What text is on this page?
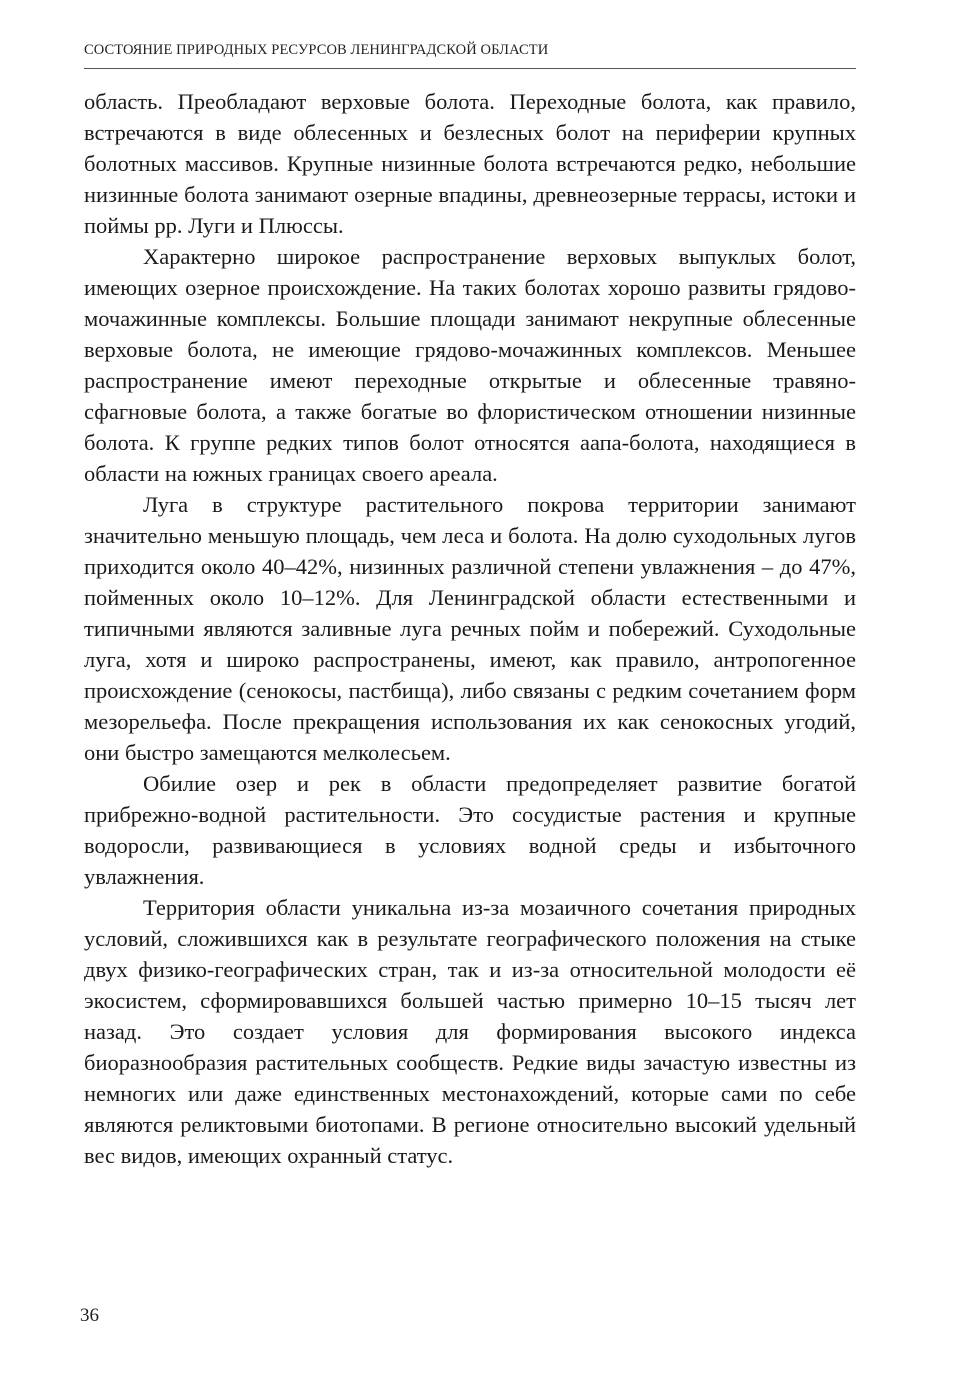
СОСТОЯНИЕ ПРИРОДНЫХ РЕСУРСОВ ЛЕНИНГРАДСКОЙ ОБЛАСТИ

область. Преобладают верховые болота. Переходные болота, как правило, встречаются в виде облесенных и безлесных болот на периферии крупных болотных массивов. Крупные низинные болота встречаются редко, небольшие низинные болота занимают озерные впадины, древнеозерные террасы, истоки и поймы рр. Луги и Плюссы.

Характерно широкое распространение верховых выпуклых болот, имеющих озерное происхождение. На таких болотах хорошо развиты грядово-мочажинные комплексы. Большие площади занимают некрупные облесенные верховые болота, не имеющие грядово-мочажинных комплексов. Меньшее распространение имеют переходные открытые и облесенные травяно-сфагновые болота, а также богатые во флористическом отношении низинные болота. К группе редких типов болот относятся аапа-болота, находящиеся в области на южных границах своего ареала.

Луга в структуре растительного покрова территории занимают значительно меньшую площадь, чем леса и болота. На долю суходольных лугов приходится около 40–42%, низинных различной степени увлажнения – до 47%, пойменных около 10–12%. Для Ленинградской области естественными и типичными являются заливные луга речных пойм и побережий. Суходольные луга, хотя и широко распространены, имеют, как правило, антропогенное происхождение (сенокосы, пастбища), либо связаны с редким сочетанием форм мезорельефа. После прекращения использования их как сенокосных угодий, они быстро замещаются мелколесьем.

Обилие озер и рек в области предопределяет развитие богатой прибрежно-водной растительности. Это сосудистые растения и крупные водоросли, развивающиеся в условиях водной среды и избыточного увлажнения.

Территория области уникальна из-за мозаичного сочетания природных условий, сложившихся как в результате географического положения на стыке двух физико-географических стран, так и из-за относительной молодости её экосистем, сформировавшихся большей частью примерно 10–15 тысяч лет назад. Это создает условия для формирования высокого индекса биоразнообразия растительных сообществ. Редкие виды зачастую известны из немногих или даже единственных местонахождений, которые сами по себе являются реликтовыми биотопами. В регионе относительно высокий удельный вес видов, имеющих охранный статус.

36
